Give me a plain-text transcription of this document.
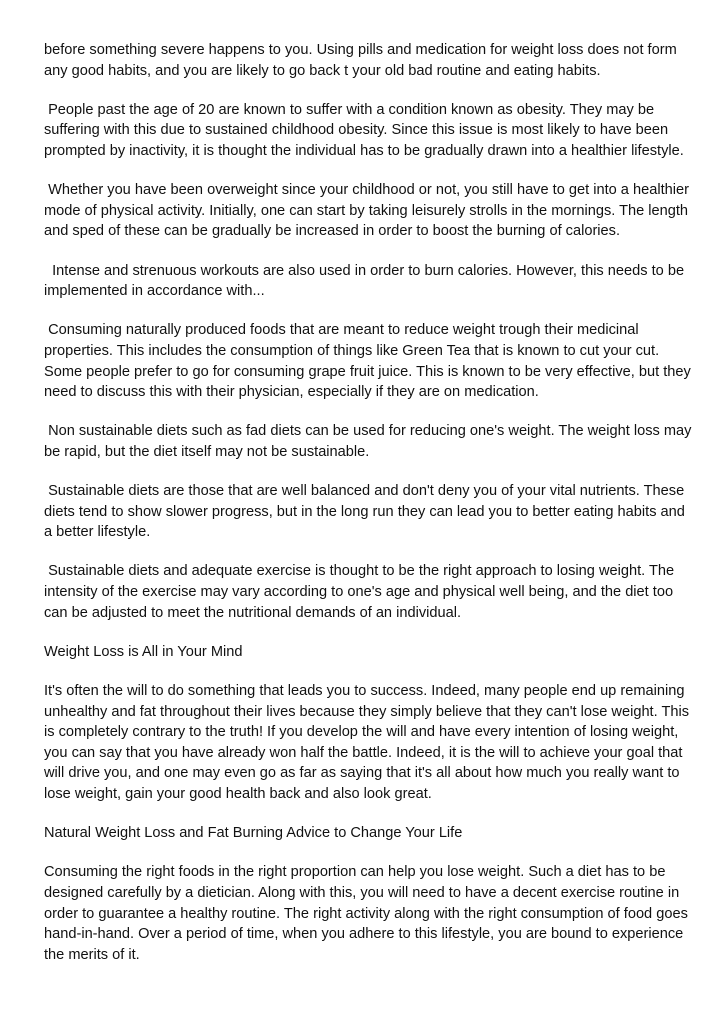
before something severe happens to you. Using pills and medication for weight loss does not form any good habits, and you are likely to go back t your old bad routine and eating habits.

People past the age of 20 are known to suffer with a condition known as obesity. They may be suffering with this due to sustained childhood obesity. Since this issue is most likely to have been prompted by inactivity, it is thought the individual has to be gradually drawn into a healthier lifestyle.

Whether you have been overweight since your childhood or not, you still have to get into a healthier mode of physical activity. Initially, one can start by taking leisurely strolls in the mornings. The length and sped of these can be gradually be increased in order to boost the burning of calories.

Intense and strenuous workouts are also used in order to burn calories. However, this needs to be implemented in accordance with...

Consuming naturally produced foods that are meant to reduce weight trough their medicinal properties. This includes the consumption of things like Green Tea that is known to cut your cut. Some people prefer to go for consuming grape fruit juice. This is known to be very effective, but they need to discuss this with their physician, especially if they are on medication.

Non sustainable diets such as fad diets can be used for reducing one's weight. The weight loss may be rapid, but the diet itself may not be sustainable.

Sustainable diets are those that are well balanced and don't deny you of your vital nutrients. These diets tend to show slower progress, but in the long run they can lead you to better eating habits and a better lifestyle.

Sustainable diets and adequate exercise is thought to be the right approach to losing weight. The intensity of the exercise may vary according to one's age and physical well being, and the diet too can be adjusted to meet the nutritional demands of an individual.

Weight Loss is All in Your Mind

It's often the will to do something that leads you to success. Indeed, many people end up remaining unhealthy and fat throughout their lives because they simply believe that they can't lose weight. This is completely contrary to the truth! If you develop the will and have every intention of losing weight, you can say that you have already won half the battle. Indeed, it is the will to achieve your goal that will drive you, and one may even go as far as saying that it's all about how much you really want to lose weight, gain your good health back and also look great.

Natural Weight Loss and Fat Burning Advice to Change Your Life

Consuming the right foods in the right proportion can help you lose weight. Such a diet has to be designed carefully by a dietician. Along with this, you will need to have a decent exercise routine in order to guarantee a healthy routine. The right activity along with the right consumption of food goes hand-in-hand. Over a period of time, when you adhere to this lifestyle, you are bound to experience the merits of it.
